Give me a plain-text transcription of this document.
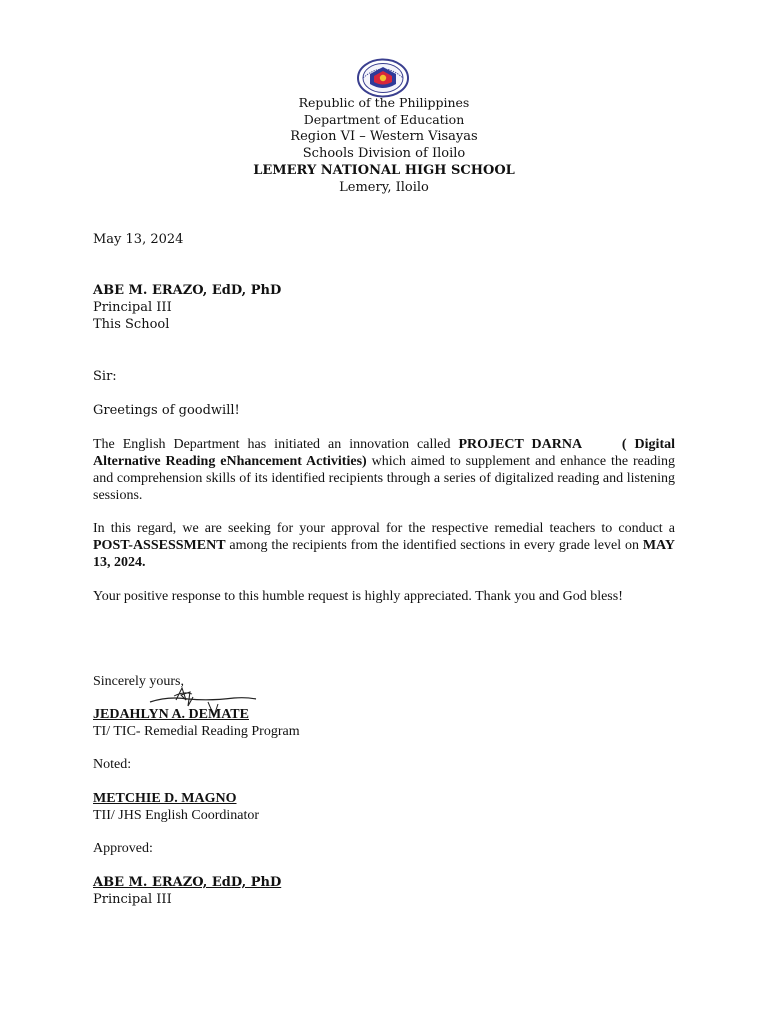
Republic of the Philippines
Department of Education
Region VI – Western Visayas
Schools Division of Iloilo
LEMERY NATIONAL HIGH SCHOOL
Lemery, Iloilo
May 13, 2024
ABE M. ERAZO, EdD, PhD
Principal III
This School
Sir:
Greetings of goodwill!
The English Department has initiated an innovation called PROJECT DARNA	( Digital Alternative Reading eNhancement Activities) which aimed to supplement and enhance the reading and comprehension skills of its identified recipients through a series of digitalized reading and listening sessions.
In this regard, we are seeking for your approval for the respective remedial teachers to conduct a POST-ASSESSMENT among the recipients from the identified sections in every grade level on MAY 13, 2024.
Your positive response to this humble request is highly appreciated. Thank you and God bless!
Sincerely yours,
JEDAHLYN A. DEMATE
TI/ TIC- Remedial Reading Program
Noted:
METCHIE D. MAGNO
TII/ JHS English Coordinator
Approved:
ABE M. ERAZO, EdD, PhD
Principal III
